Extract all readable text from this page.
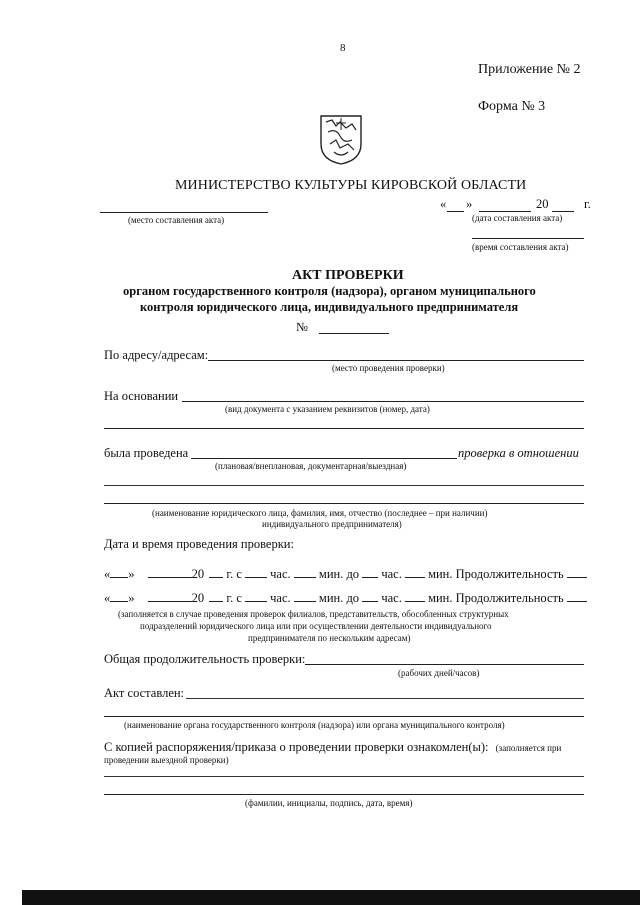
8
Приложение № 2
Форма № 3
МИНИСТЕРСТВО КУЛЬТУРЫ КИРОВСКОЙ ОБЛАСТИ
(место составления акта)
« »	20	г.
(дата составления акта)
(время составления акта)
АКТ ПРОВЕРКИ
органом государственного контроля (надзора), органом муниципального
контроля юридического лица, индивидуального предпринимателя
№
По адресу/адресам:
(место проведения проверки)
На основании
(вид документа с указанием реквизитов (номер, дата)
была проведена	проверка в отношении
(плановая/внеплановая, документарная/выездная)
(наименование юридического лица, фамилия, имя, отчество (последнее – при наличии)
индивидуального предпринимателя)
Дата и время проведения проверки:
« »	20 г. с час. мин. до час. мин. Продолжительность
« »	20 г. с час. мин. до час. мин. Продолжительность
(заполняется в случае проведения проверок филиалов, представительств, обособленных структурных
подразделений юридического лица или при осуществлении деятельности индивидуального
предпринимателя по нескольким адресам)
Общая продолжительность проверки:
(рабочих дней/часов)
Акт составлен:
(наименование органа государственного контроля (надзора) или органа муниципального контроля)
С копией распоряжения/приказа о проведении проверки ознакомлен(ы): (заполняется при
проведении выездной проверки)
(фамилии, инициалы, подпись, дата, время)
